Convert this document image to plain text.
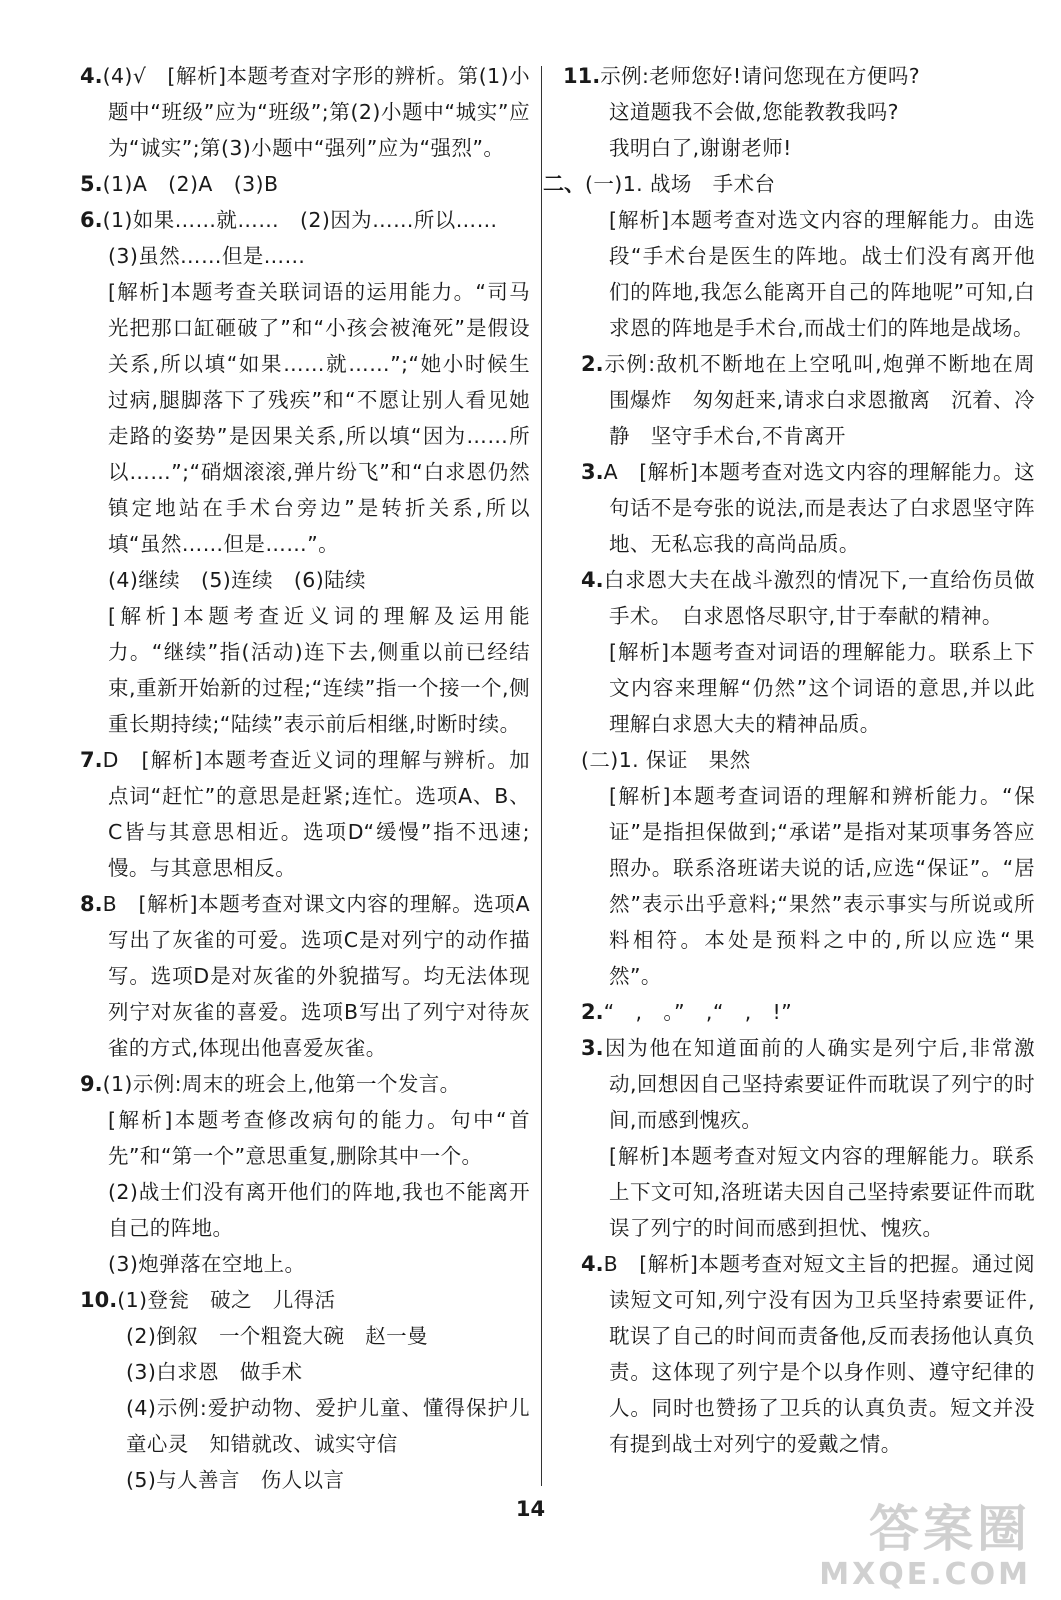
4.(4)√　[解析]本题考查对字形的辨析。第(1)小题中“班级”应为“班级”;第(2)小题中“城实”应为“诚实”;第(3)小题中“强列”应为“强烈”。

5.(1)A　(2)A　(3)B

6.(1)如果……就……　(2)因为……所以……

(3)虽然……但是……

[解析]本题考查关联词语的运用能力。“司马光把那口缸砸破了”和“小孩会被淹死”是假设关系,所以填“如果……就……”;“她小时候生过病,腿脚落下了残疾”和“不愿让别人看见她走路的姿势”是因果关系,所以填“因为……所以……”;“硝烟滚滚,弹片纷飞”和“白求恩仍然镇定地站在手术台旁边”是转折关系,所以填“虽然……但是……”。

(4)继续　(5)连续　(6)陆续

[解析]本题考查近义词的理解及运用能力。“继续”指(活动)连下去,侧重以前已经结束,重新开始新的过程;“连续”指一个接一个,侧重长期持续;“陆续”表示前后相继,时断时续。

7.D　[解析]本题考查近义词的理解与辨析。加点词“赶忙”的意思是赶紧;连忙。选项A、B、C皆与其意思相近。选项D“缓慢”指不迅速;慢。与其意思相反。

8.B　[解析]本题考查对课文内容的理解。选项A写出了灰雀的可爱。选项C是对列宁的动作描写。选项D是对灰雀的外貌描写。均无法体现列宁对灰雀的喜爱。选项B写出了列宁对待灰雀的方式,体现出他喜爱灰雀。

9.(1)示例:周末的班会上,他第一个发言。

[解析]本题考查修改病句的能力。句中“首先”和“第一个”意思重复,删除其中一个。

(2)战士们没有离开他们的阵地,我也不能离开自己的阵地。

(3)炮弹落在空地上。

10.(1)登瓮　破之　儿得活

(2)倒叙　一个粗瓷大碗　赵一曼

(3)白求恩　做手术

(4)示例:爱护动物、爱护儿童、懂得保护儿童心灵　知错就改、诚实守信

(5)与人善言　伤人以言

11.示例:老师您好!请问您现在方便吗?

这道题我不会做,您能教教我吗?

我明白了,谢谢老师!

二、(一)1. 战场　手术台

[解析]本题考查对选文内容的理解能力。由选段“手术台是医生的阵地。战士们没有离开他们的阵地,我怎么能离开自己的阵地呢”可知,白求恩的阵地是手术台,而战士们的阵地是战场。

2.示例:敌机不断地在上空吼叫,炮弹不断地在周围爆炸　匆匆赶来,请求白求恩撤离　沉着、冷静　坚守手术台,不肯离开

3.A　[解析]本题考查对选文内容的理解能力。这句话不是夸张的说法,而是表达了白求恩坚守阵地、无私忘我的高尚品质。

4.白求恩大夫在战斗激烈的情况下,一直给伤员做手术。　白求恩恪尽职守,甘于奉献的精神。

[解析]本题考查对词语的理解能力。联系上下文内容来理解“仍然”这个词语的意思,并以此理解白求恩大夫的精神品质。

(二)1. 保证　果然

[解析]本题考查词语的理解和辨析能力。“保证”是指担保做到;“承诺”是指对某项事务答应照办。联系洛班诺夫说的话,应选“保证”。“居然”表示出乎意料;“果然”表示事实与所说或所料相符。本处是预料之中的,所以应选“果然”。

2.“　,　。”　,“　,　!”

3.因为他在知道面前的人确实是列宁后,非常激动,回想因自己坚持索要证件而耽误了列宁的时间,而感到愧疚。

[解析]本题考查对短文内容的理解能力。联系上下文可知,洛班诺夫因自己坚持索要证件而耽误了列宁的时间而感到担忧、愧疚。

4.B　[解析]本题考查对短文主旨的把握。通过阅读短文可知,列宁没有因为卫兵坚持索要证件,耽误了自己的时间而责备他,反而表扬他认真负责。这体现了列宁是个以身作则、遵守纪律的人。同时也赞扬了卫兵的认真负责。短文并没有提到战士对列宁的爱戴之情。

14	答案圈
MXQE.COM
